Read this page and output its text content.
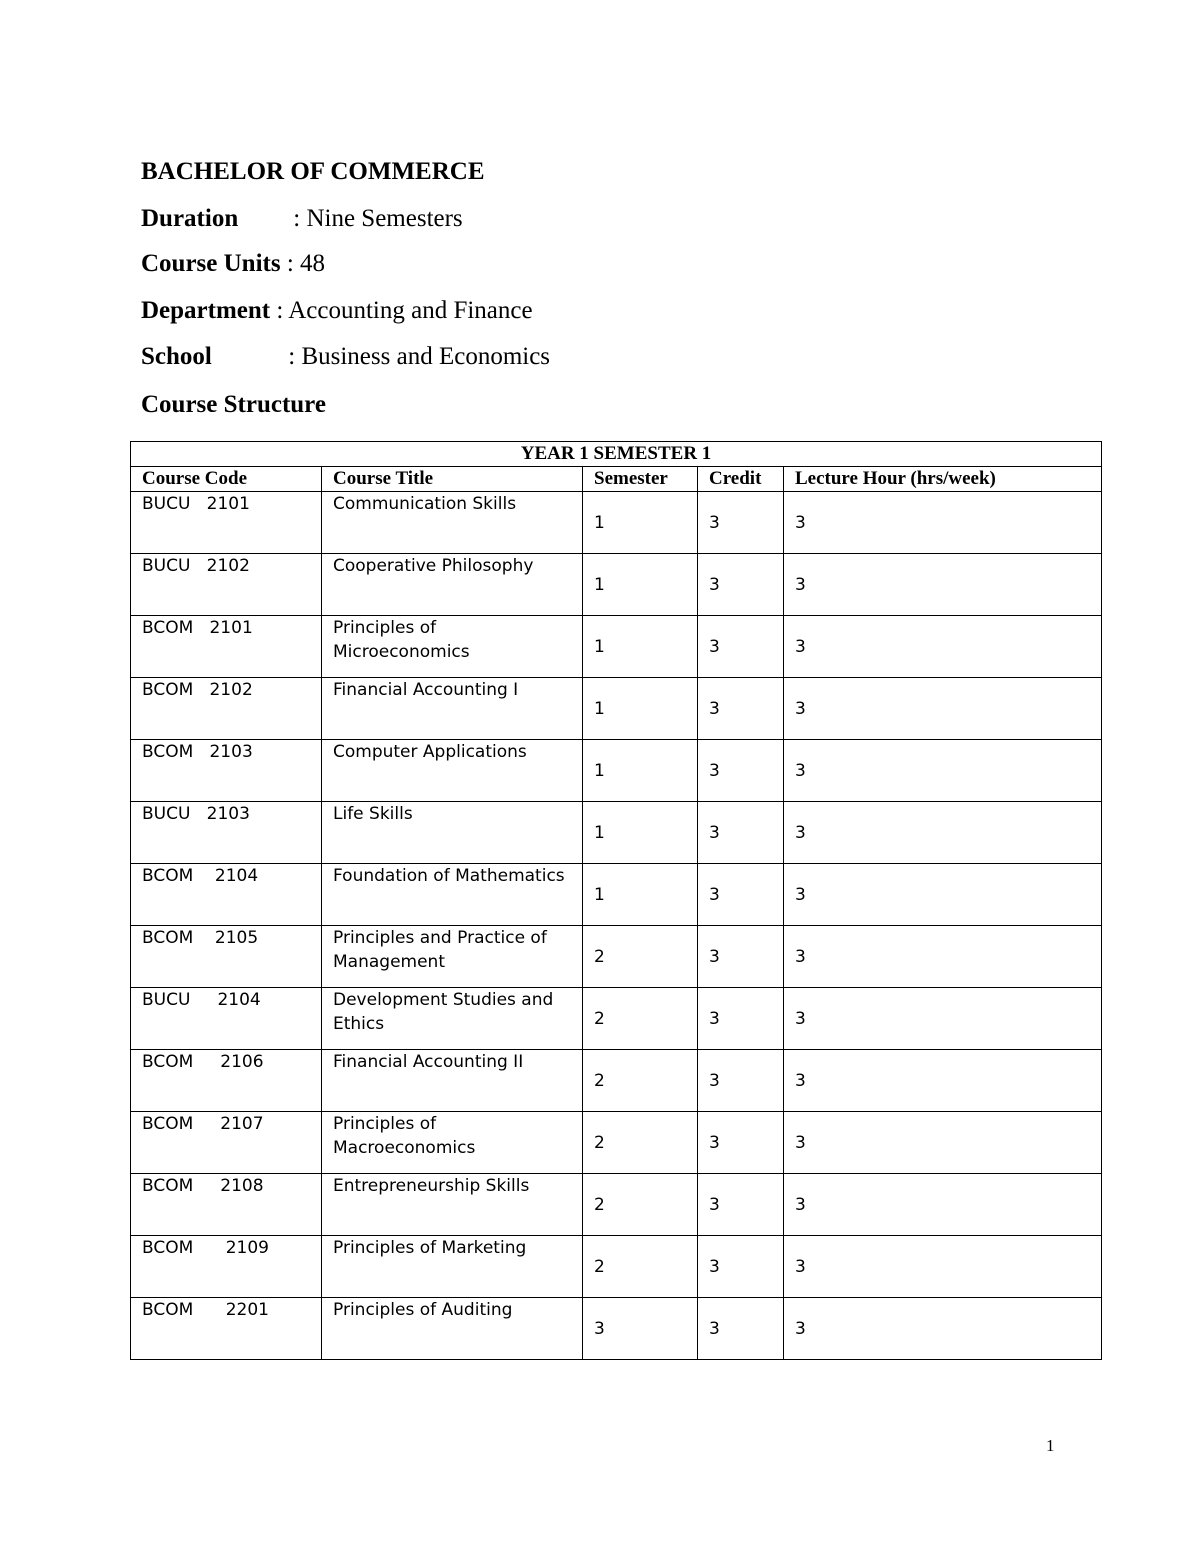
BACHELOR OF COMMERCE
Duration : Nine Semesters
Course Units : 48
Department : Accounting and Finance
School	: Business and Economics
Course Structure
YEAR 1 SEMESTER 1				
Course Code	Course Title	Semester	Credit	Lecture Hour (hrs/week)
BUCU   2101	Communication Skills	1	3	3
BUCU   2102	Cooperative Philosophy	1	3	3
BCOM   2101	Principles of Microeconomics	1	3	3
BCOM   2102	Financial Accounting I	1	3	3
BCOM   2103	Computer Applications	1	3	3
BUCU   2103	Life Skills	1	3	3
BCOM    2104	Foundation of Mathematics	1	3	3
BCOM    2105	Principles and Practice of Management	2	3	3
BUCU     2104	Development Studies and Ethics	2	3	3
BCOM     2106	Financial Accounting II	2	3	3
BCOM     2107	Principles of Macroeconomics	2	3	3
BCOM     2108	Entrepreneurship Skills	2	3	3
BCOM      2109	Principles of Marketing	2	3	3
BCOM      2201	Principles of Auditing	3	3	3
1
